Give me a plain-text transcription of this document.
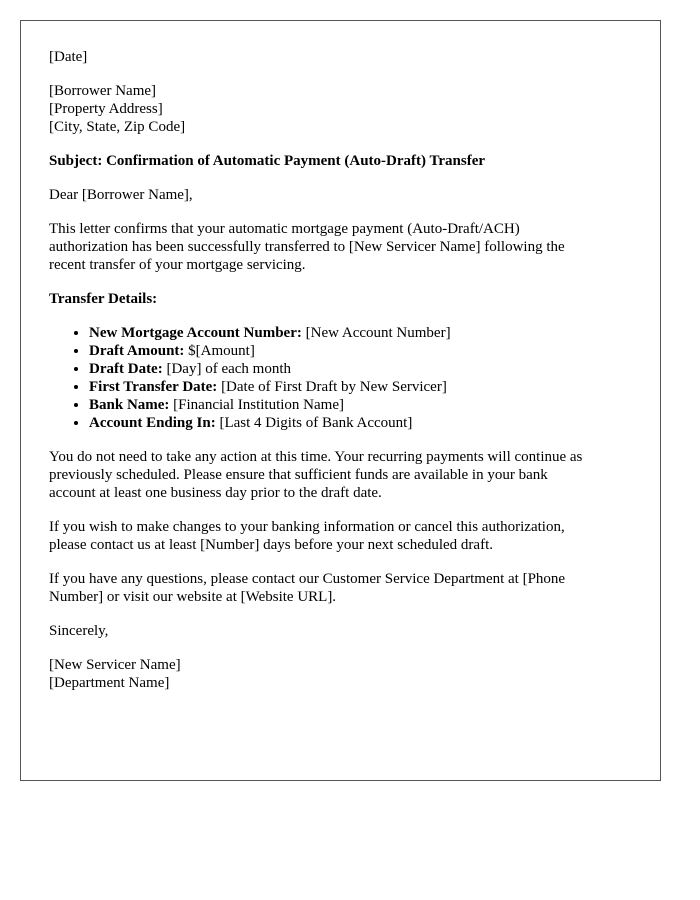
[Date]

[Borrower Name]
[Property Address]
[City, State, Zip Code]

Subject: Confirmation of Automatic Payment (Auto-Draft) Transfer

Dear [Borrower Name],

This letter confirms that your automatic mortgage payment (Auto-Draft/ACH)
authorization has been successfully transferred to [New Servicer Name] following the
recent transfer of your mortgage servicing.

Transfer Details:

• New Mortgage Account Number: [New Account Number]
• Draft Amount: $[Amount]
• Draft Date: [Day] of each month
• First Transfer Date: [Date of First Draft by New Servicer]
• Bank Name: [Financial Institution Name]
• Account Ending In: [Last 4 Digits of Bank Account]

You do not need to take any action at this time. Your recurring payments will continue as
previously scheduled. Please ensure that sufficient funds are available in your bank
account at least one business day prior to the draft date.

If you wish to make changes to your banking information or cancel this authorization,
please contact us at least [Number] days before your next scheduled draft.

If you have any questions, please contact our Customer Service Department at [Phone
Number] or visit our website at [Website URL].

Sincerely,

[New Servicer Name]
[Department Name]
